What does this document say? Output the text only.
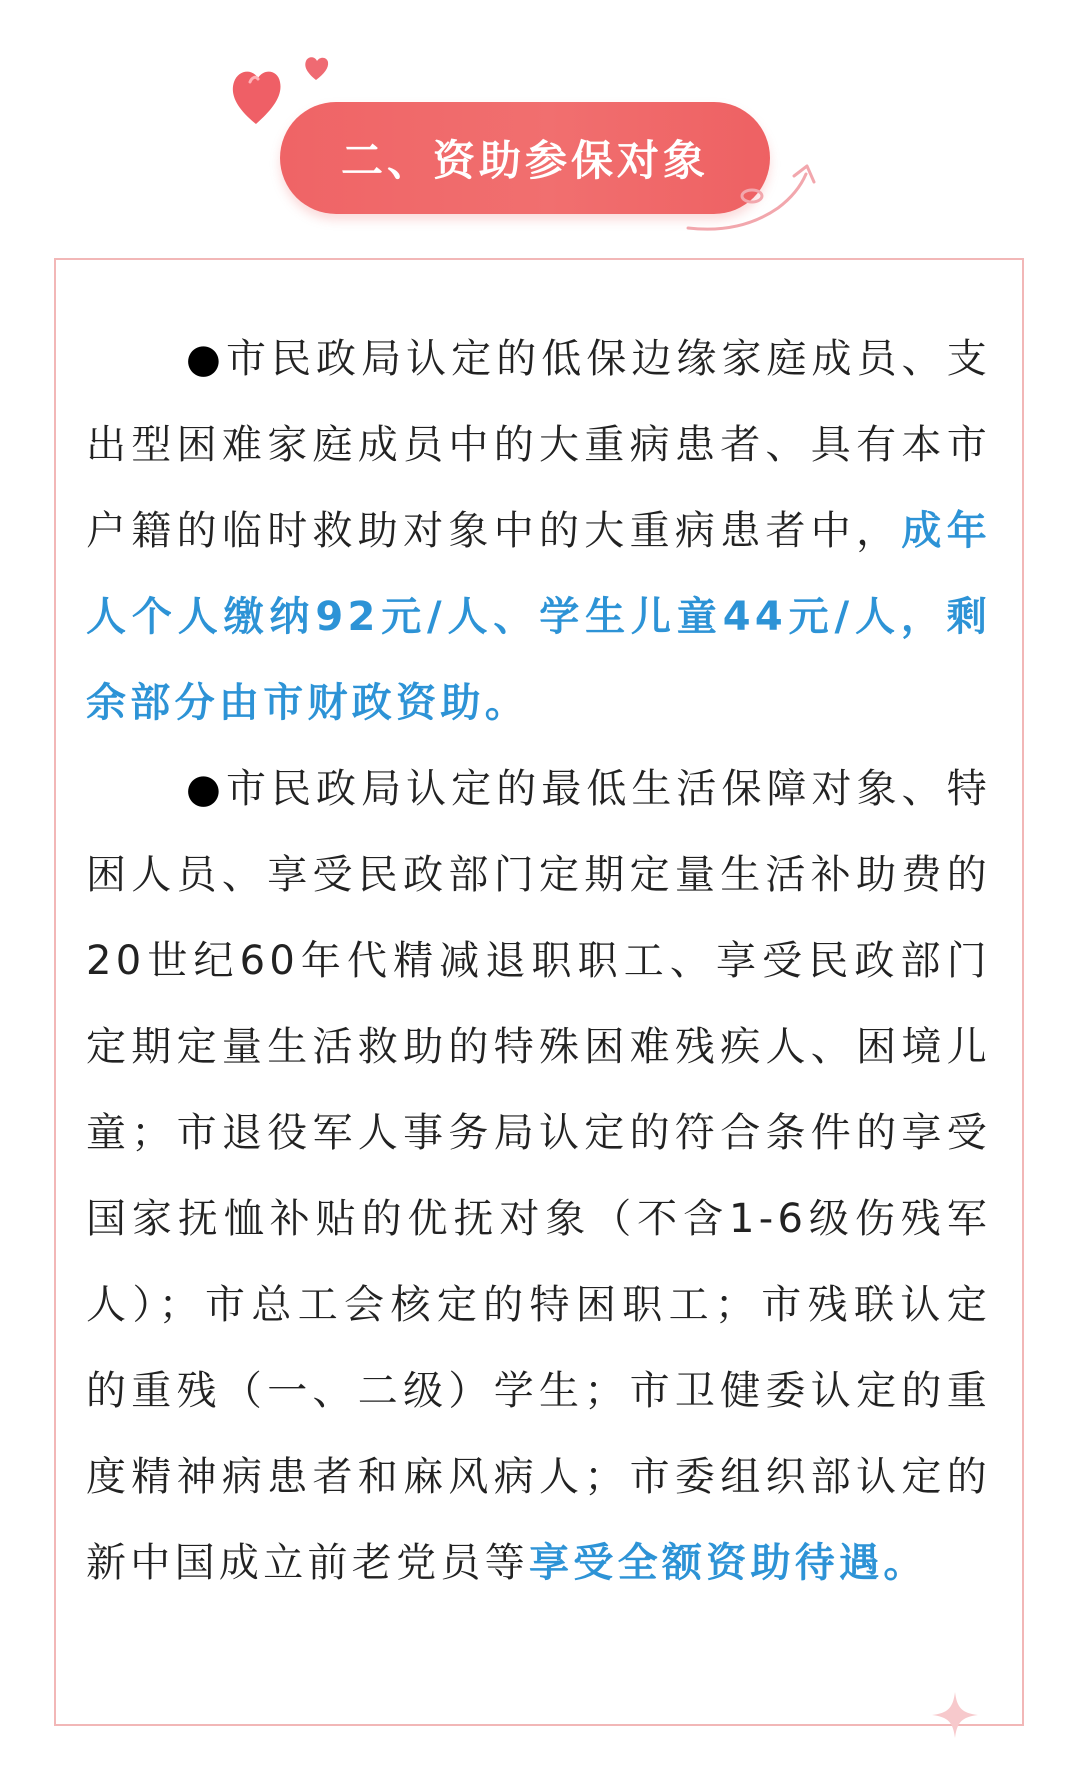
二、资助参保对象

●市民政局认定的低保边缘家庭成员、支出型困难家庭成员中的大重病患者、具有本市户籍的临时救助对象中的大重病患者中，成年人个人缴纳92元/人、学生儿童44元/人，剩余部分由市财政资助。

●市民政局认定的最低生活保障对象、特困人员、享受民政部门定期定量生活补助费的20世纪60年代精减退职职工、享受民政部门定期定量生活救助的特殊困难残疾人、困境儿童；市退役军人事务局认定的符合条件的享受国家抚恤补贴的优抚对象（不含1-6级伤残军人）；市总工会核定的特困职工；市残联认定的重残（一、二级）学生；市卫健委认定的重度精神病患者和麻风病人；市委组织部认定的新中国成立前老党员等享受全额资助待遇。
